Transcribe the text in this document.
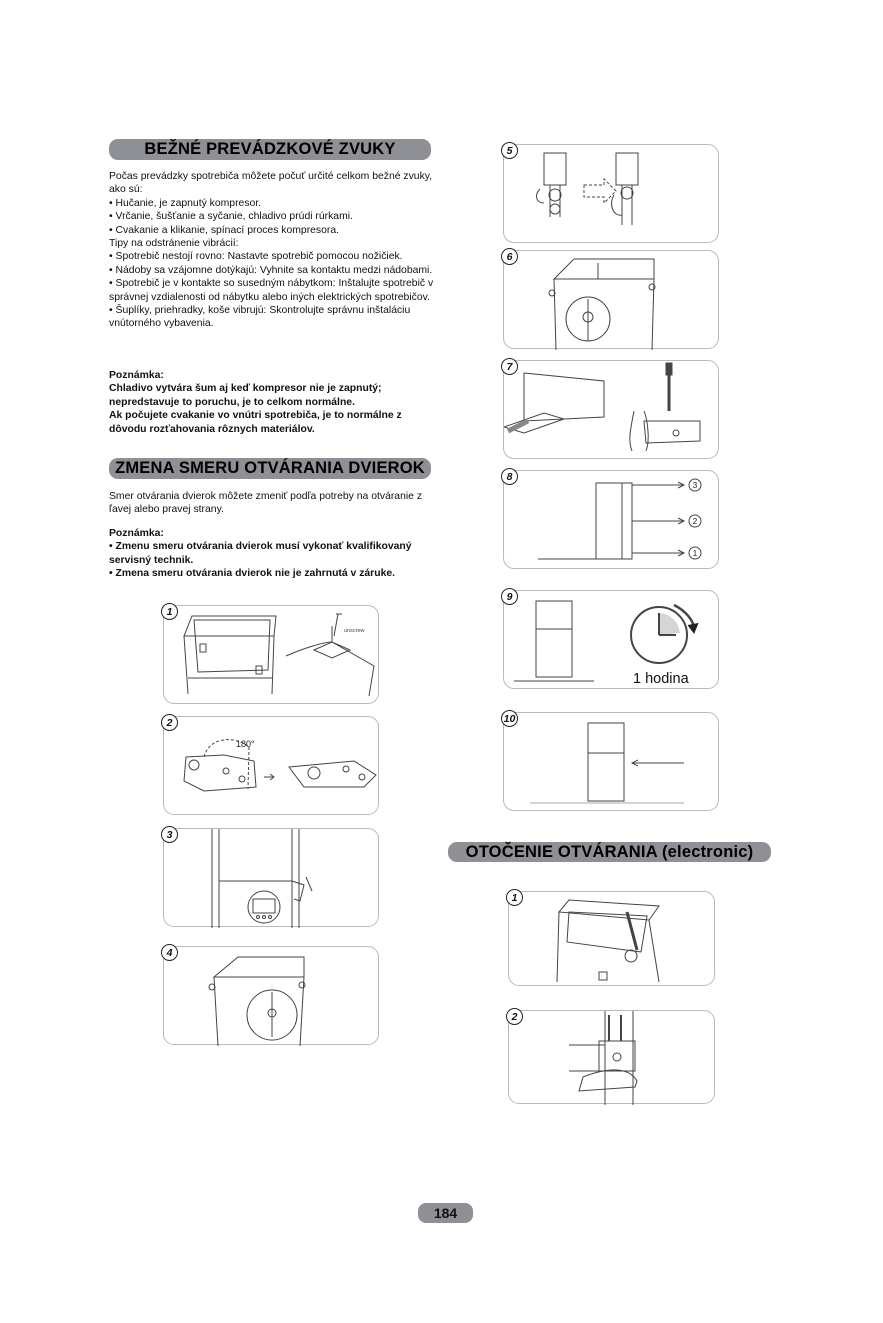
BEŽNÉ PREVÁDZKOVÉ ZVUKY

Počas prevádzky spotrebiča môžete počuť určité celkom bežné zvuky, ako sú:

• Hučanie, je zapnutý kompresor.

• Vrčanie, šušťanie a syčanie, chladivo prúdi rúrkami.

• Cvakanie a klikanie, spínací proces kompresora.

Tipy na odstránenie vibrácií:

• Spotrebič nestojí rovno: Nastavte spotrebič pomocou nožičiek.

• Nádoby sa vzájomne dotýkajú: Vyhnite sa kontaktu medzi nádobami.

• Spotrebič je v kontakte so susedným nábytkom: Inštalujte spotrebič v správnej vzdialenosti od nábytku alebo iných elektrických spotrebičov.

• Šuplíky, priehradky, koše vibrujú: Skontrolujte správnu inštaláciu vnútorného vybavenia.

Poznámka:

Chladivo vytvára šum aj keď kompresor nie je zapnutý; nepredstavuje to poruchu, je to celkom normálne.

Ak počujete cvakanie vo vnútri spotrebiča, je to normálne z dôvodu rozťahovania rôznych materiálov.

ZMENA SMERU OTVÁRANIA DVIEROK

Smer otvárania dvierok môžete zmeniť podľa potreby na otváranie z ľavej alebo pravej strany.

Poznámka:

• Zmenu smeru otvárania dvierok musí vykonať kvalifikovaný servisný technik.

• Zmena smeru otvárania dvierok nie je zahrnutá v záruke.

unscrew
1
180°
2
3
4
5
6
7
3
2
1
8
9
1 hodina
10
OTOČENIE OTVÁRANIA (electronic)
1
2
184
